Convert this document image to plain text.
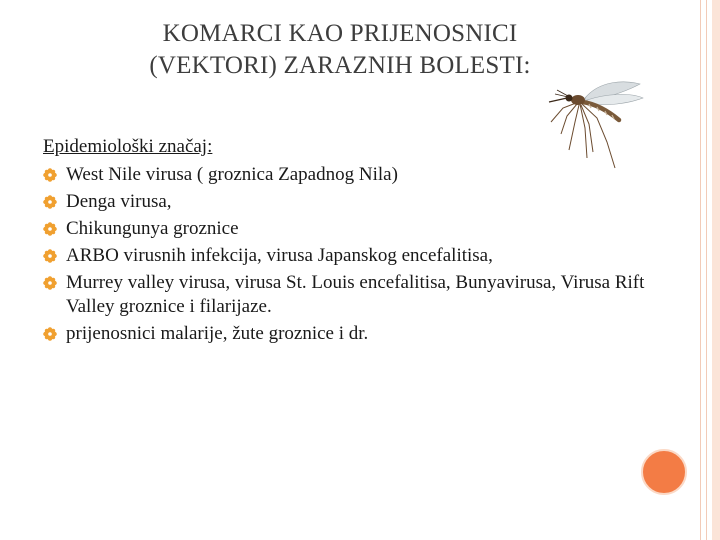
KOMARCI KAO PRIJENOSNICI
(VEKTORI) ZARAZNIH BOLESTI:

Epidemiološki značaj:

West Nile virusa ( groznica Zapadnog Nila)
Denga virusa,
Chikungunya groznice
ARBO virusnih infekcija, virusa Japanskog encefalitisa,
Murrey valley virusa, virusa St. Louis encefalitisa, Bunyavirusa, Virusa Rift Valley groznice i filarijaze.
prijenosnici malarije, žute groznice i dr.
